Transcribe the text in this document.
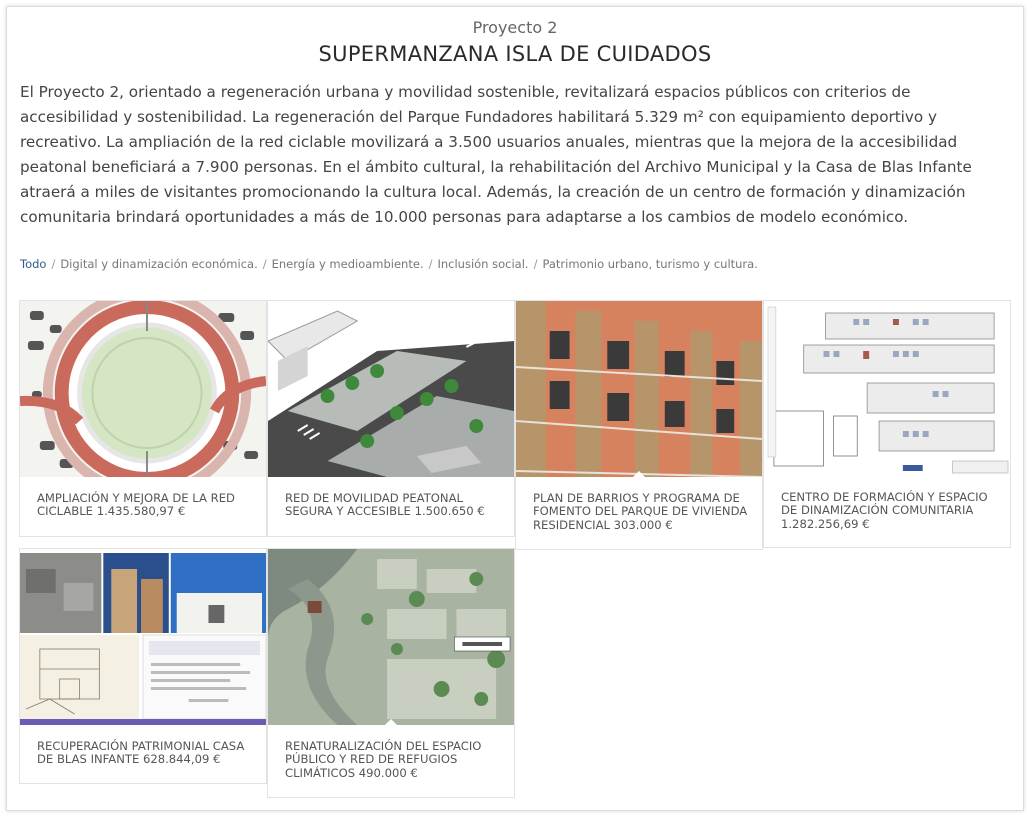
Proyecto 2
SUPERMANZANA ISLA DE CUIDADOS

El Proyecto 2, orientado a regeneración urbana y movilidad sostenible, revitalizará espacios públicos con criterios de accesibilidad y sostenibilidad. La regeneración del Parque Fundadores habilitará 5.329 m² con equipamiento deportivo y recreativo. La ampliación de la red ciclable movilizará a 3.500 usuarios anuales, mientras que la mejora de la accesibilidad peatonal beneficiará a 7.900 personas. En el ámbito cultural, la rehabilitación del Archivo Municipal y la Casa de Blas Infante atraerá a miles de visitantes promocionando la cultura local. Además, la creación de un centro de formación y dinamización comunitaria brindará oportunidades a más de 10.000 personas para adaptarse a los cambios de modelo económico.

Todo / Digital y dinamización económica. / Energía y medioambiente. / Inclusión social. / Patrimonio urbano, turismo y cultura.
AMPLIACIÓN Y MEJORA DE LA RED CICLABLE 1.435.580,97 €
RED DE MOVILIDAD PEATONAL SEGURA Y ACCESIBLE 1.500.650 €
PLAN DE BARRIOS Y PROGRAMA DE FOMENTO DEL PARQUE DE VIVIENDA RESIDENCIAL 303.000 €
CENTRO DE FORMACIÓN Y ESPACIO DE DINAMIZACIÓN COMUNITARIA 1.282.256,69 €
RECUPERACIÓN PATRIMONIAL CASA DE BLAS INFANTE 628.844,09 €
RENATURALIZACIÓN DEL ESPACIO PÚBLICO Y RED DE REFUGIOS CLIMÁTICOS 490.000 €
